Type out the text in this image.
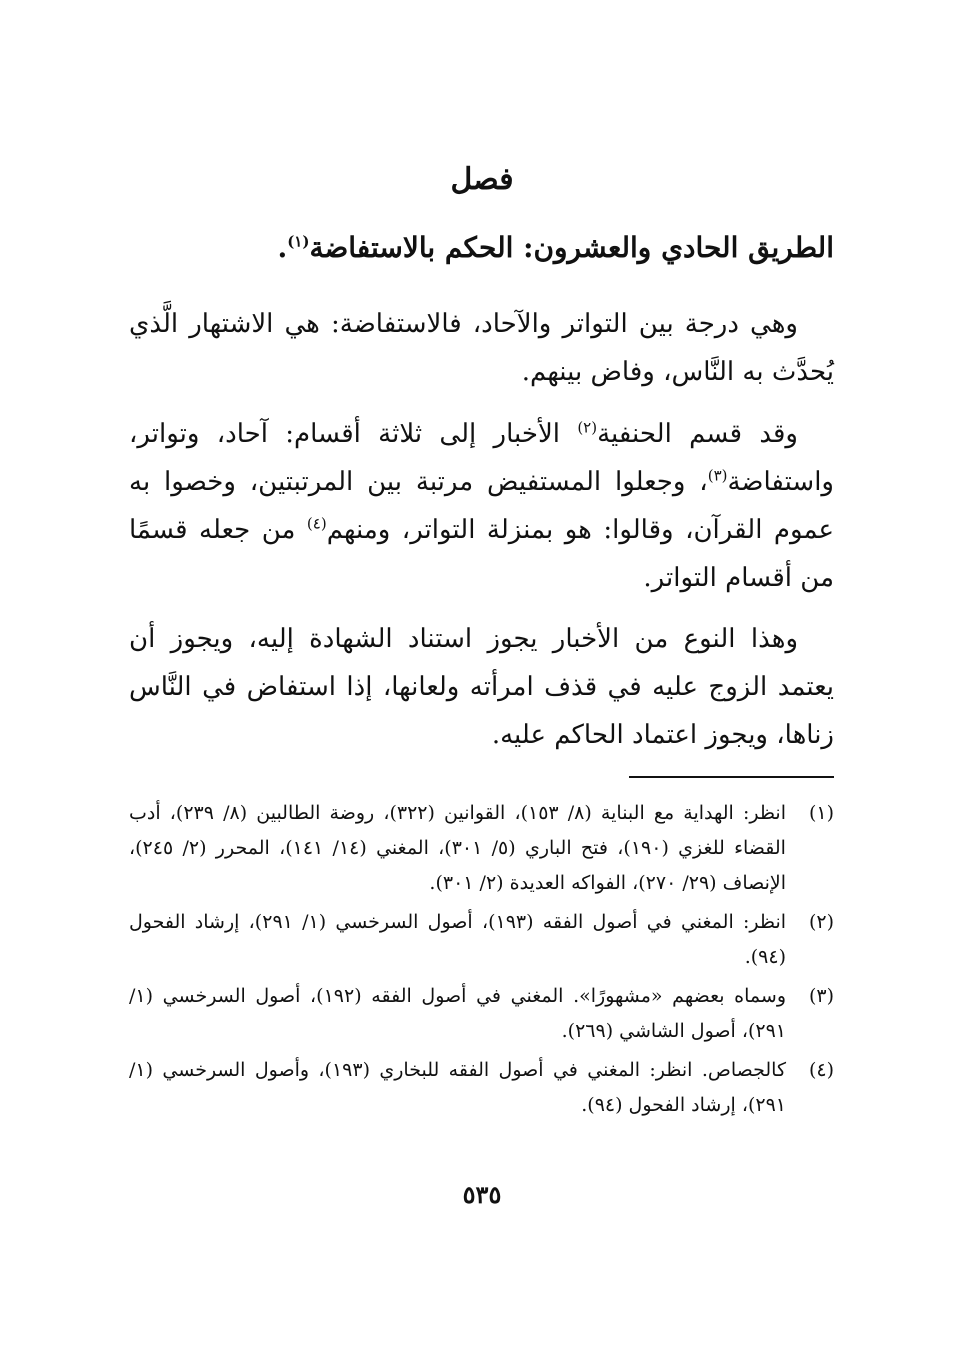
فصل
الطريق الحادي والعشرون: الحكم بالاستفاضة$^{(١)}$.
وهي درجة بين التواتر والآحاد، فالاستفاضة: هي الاشتهار الَّذي يُحدَّث به النَّاس، وفاض بينهم.
وقد قسم الحنفية$^{(٢)}$ الأخبار إلى ثلاثة أقسام: آحاد، وتواتر، واستفاضة$^{(٣)}$، وجعلوا المستفيض مرتبة بين المرتبتين، وخصوا به عموم القرآن، وقالوا: هو بمنزلة التواتر، ومنهم$^{(٤)}$ من جعله قسمًا من أقسام التواتر.
وهذا النوع من الأخبار يجوز استناد الشهادة إليه، ويجوز أن يعتمد الزوج عليه في قذف امرأته ولعانها، إذا استفاض في النَّاس زناها، ويجوز اعتماد الحاكم عليه.
(١)
انظر: الهداية مع البناية (٨/ ١٥٣)، القوانين (٣٢٢)، روضة الطالبين (٨/ ٢٣٩)، أدب القضاء للغزي (١٩٠)، فتح الباري (٥/ ٣٠١)، المغني (١٤/ ١٤١)، المحرر (٢/ ٢٤٥)، الإنصاف (٢٩/ ٢٧٠)، الفواكه العديدة (٢/ ٣٠١).
(٢)
انظر: المغني في أصول الفقه (١٩٣)، أصول السرخسي (١/ ٢٩١)، إرشاد الفحول (٩٤).
(٣)
وسماه بعضهم «مشهورًا». المغني في أصول الفقه (١٩٢)، أصول السرخسي (١/ ٢٩١)، أصول الشاشي (٢٦٩).
(٤)
كالجصاص. انظر: المغني في أصول الفقه للبخاري (١٩٣)، وأصول السرخسي (١/ ٢٩١)، إرشاد الفحول (٩٤).
٥٣٥
